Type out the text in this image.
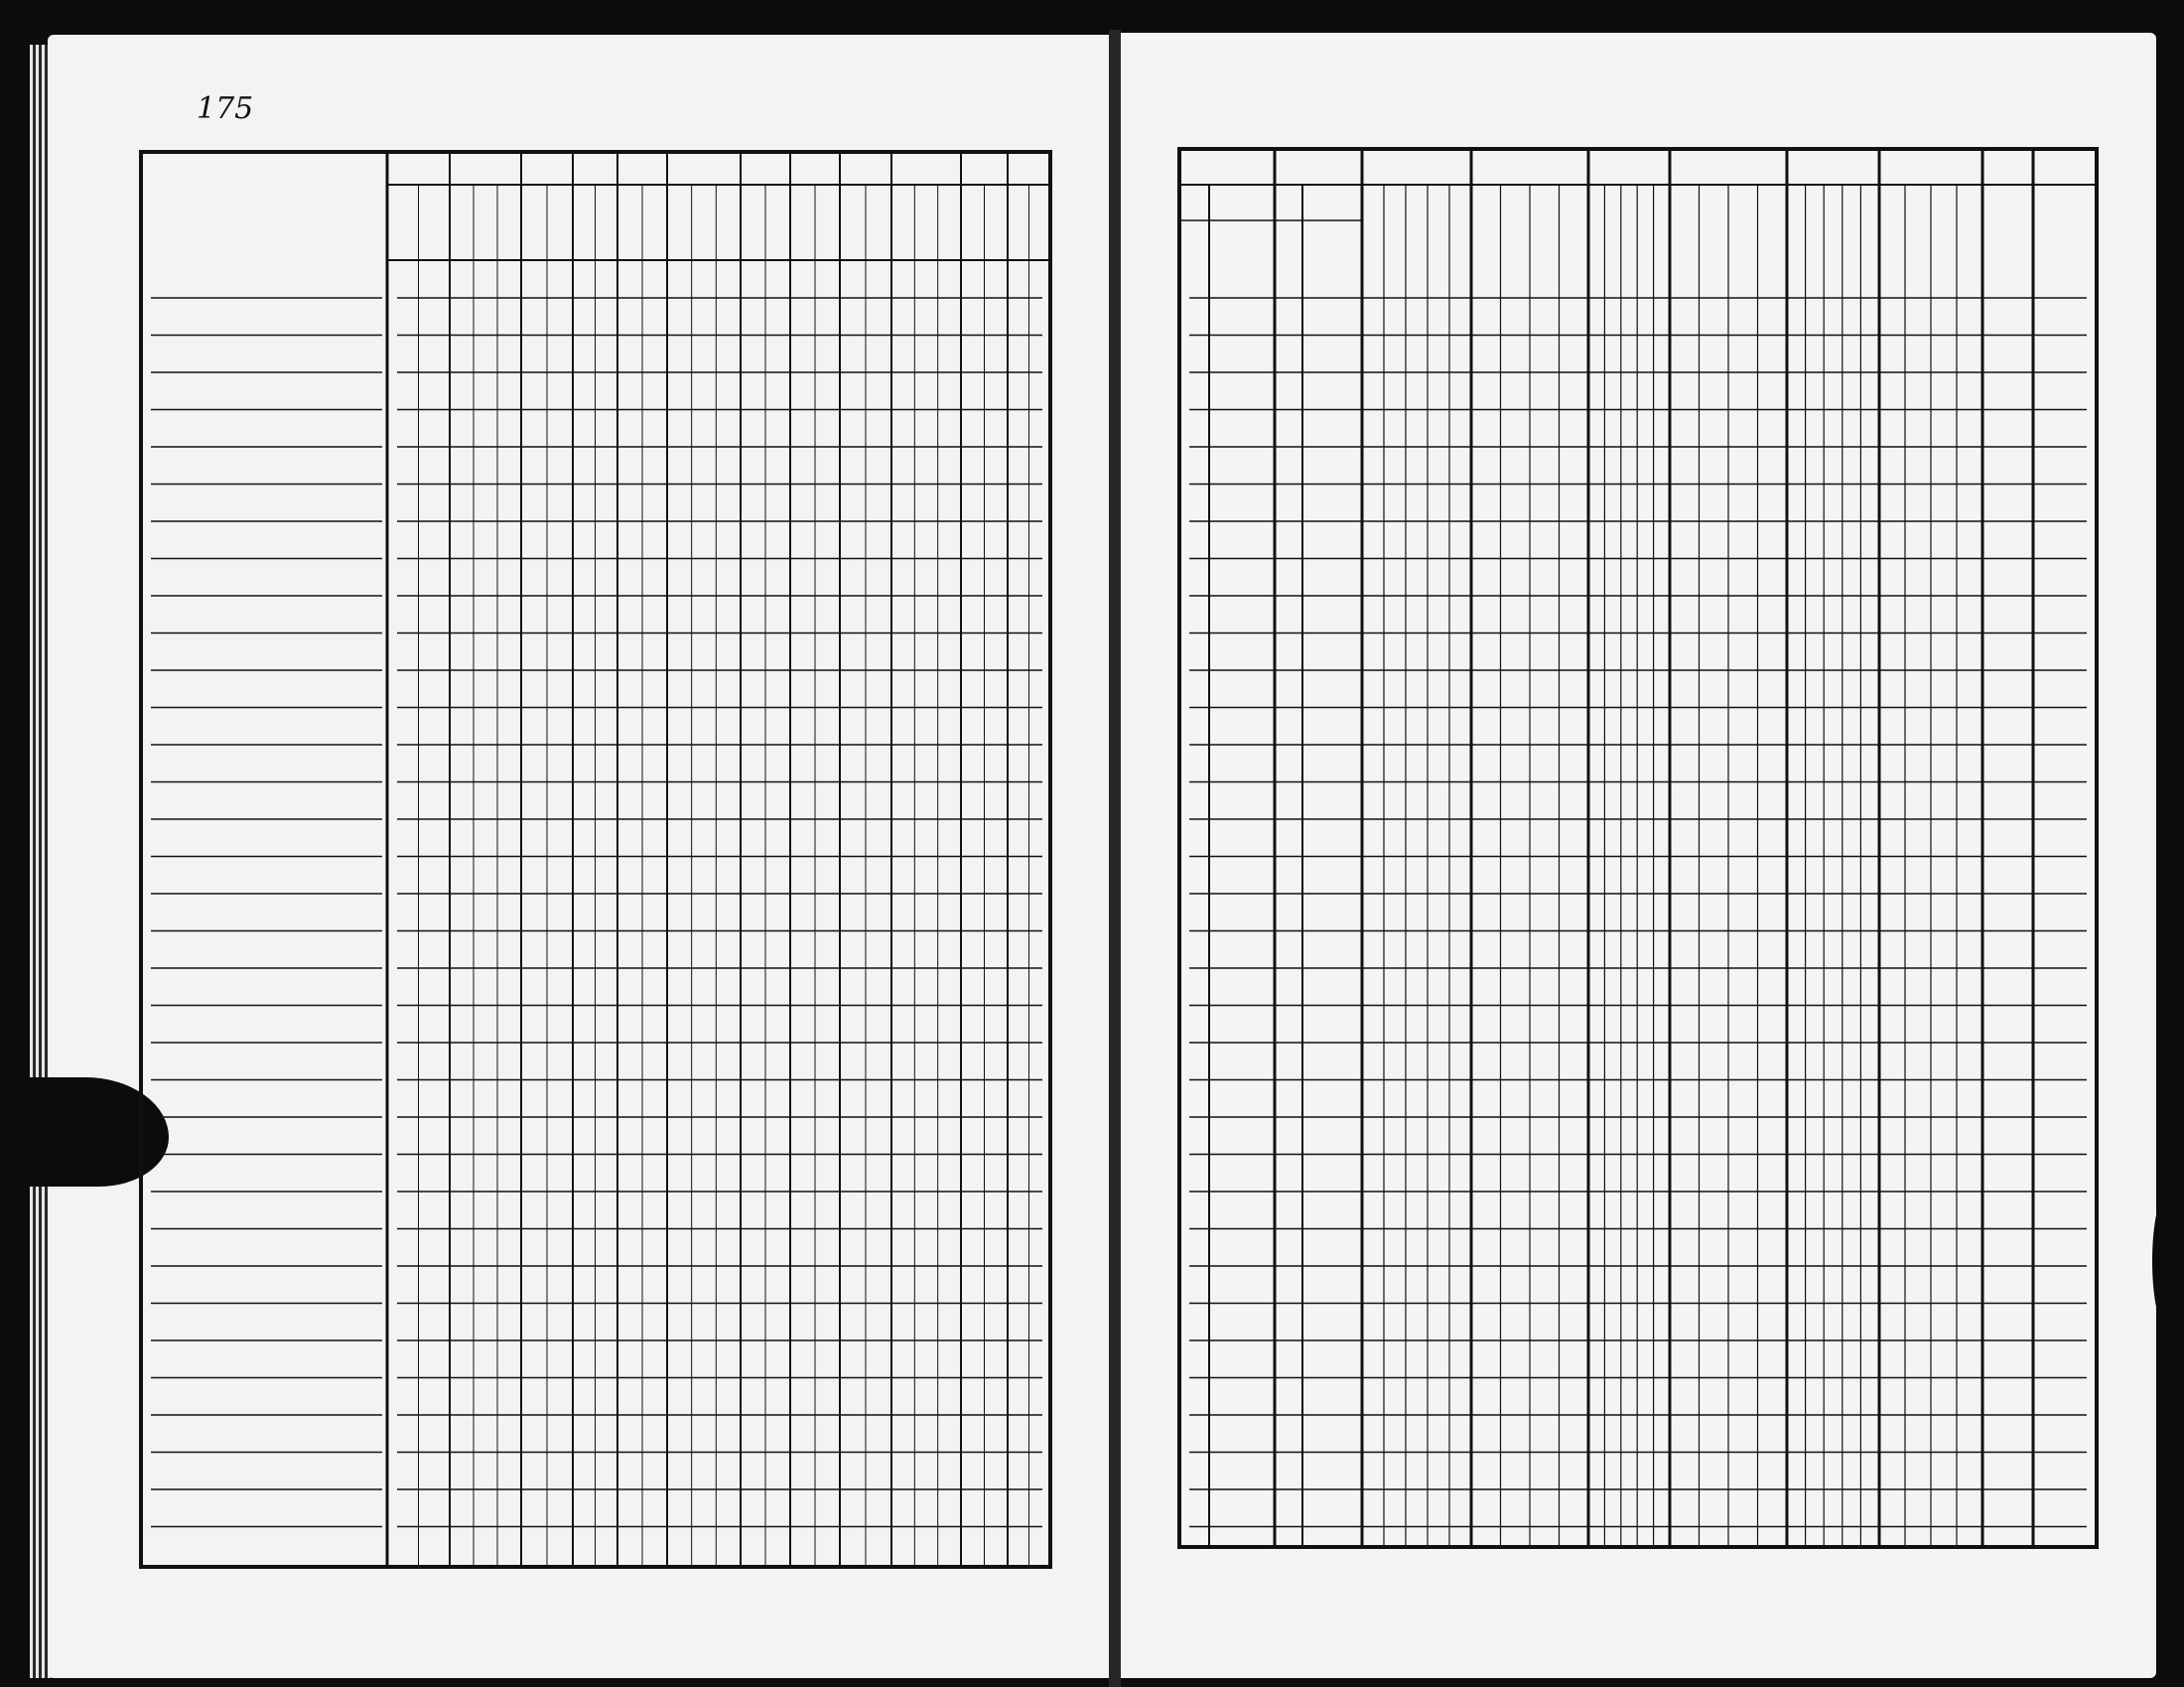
175
